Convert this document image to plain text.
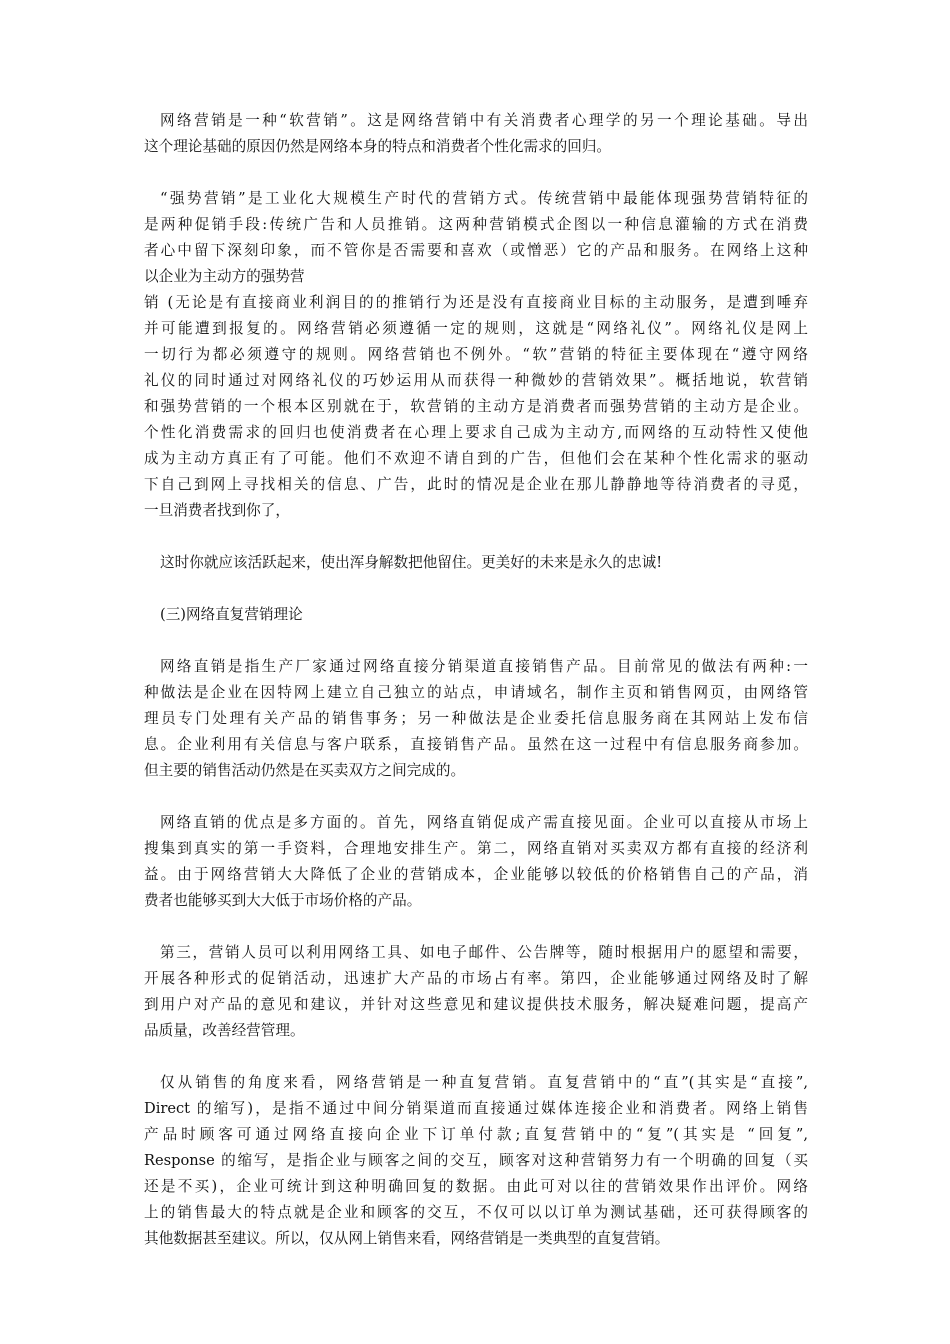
网络营销是一种“软营销”。这是网络营销中有关消费者心理学的另一个理论基础。导出
这个理论基础的原因仍然是网络本身的特点和消费者个性化需求的回归。
“强势营销”是工业化大规模生产时代的营销方式。传统营销中最能体现强势营销特征的
是两种促销手段:传统广告和人员推销。这两种营销模式企图以一种信息灌输的方式在消费
者心中留下深刻印象，而不管你是否需要和喜欢（或憎恶）它的产品和服务。在网络上这种
以企业为主动方的强势营
销 (无论是有直接商业利润目的的推销行为还是没有直接商业目标的主动服务，是遭到唾弃
并可能遭到报复的。网络营销必须遵循一定的规则，这就是“网络礼仪”。网络礼仪是网上
一切行为都必须遵守的规则。网络营销也不例外。“软”营销的特征主要体现在“遵守网络
礼仪的同时通过对网络礼仪的巧妙运用从而获得一种微妙的营销效果”。概括地说，软营销
和强势营销的一个根本区别就在于，软营销的主动方是消费者而强势营销的主动方是企业。
个性化消费需求的回归也使消费者在心理上要求自己成为主动方,而网络的互动特性又使他
成为主动方真正有了可能。他们不欢迎不请自到的广告，但他们会在某种个性化需求的驱动
下自己到网上寻找相关的信息、广告，此时的情况是企业在那儿静静地等待消费者的寻觅，
一旦消费者找到你了，
这时你就应该活跃起来，使出浑身解数把他留住。更美好的未来是永久的忠诚!
(三)网络直复营销理论
网络直销是指生产厂家通过网络直接分销渠道直接销售产品。目前常见的做法有两种:一
种做法是企业在因特网上建立自己独立的站点，申请域名，制作主页和销售网页，由网络管
理员专门处理有关产品的销售事务；另一种做法是企业委托信息服务商在其网站上发布信
息。企业利用有关信息与客户联系，直接销售产品。虽然在这一过程中有信息服务商参加。
但主要的销售活动仍然是在买卖双方之间完成的。
网络直销的优点是多方面的。首先，网络直销促成产需直接见面。企业可以直接从市场上
搜集到真实的第一手资料，合理地安排生产。第二，网络直销对买卖双方都有直接的经济利
益。由于网络营销大大降低了企业的营销成本，企业能够以较低的价格销售自己的产品，消
费者也能够买到大大低于市场价格的产品。
第三，营销人员可以利用网络工具、如电子邮件、公告牌等，随时根据用户的愿望和需要，
开展各种形式的促销活动，迅速扩大产品的市场占有率。第四，企业能够通过网络及时了解
到用户对产品的意见和建议，并针对这些意见和建议提供技术服务，解决疑难问题，提高产
品质量，改善经营管理。
仅从销售的角度来看，网络营销是一种直复营销。直复营销中的“直”(其实是“直接”,
Direct 的缩写)，是指不通过中间分销渠道而直接通过媒体连接企业和消费者。网络上销售
产品时顾客可通过网络直接向企业下订单付款;直复营销中的“复”(其实是 “回复”,
Response 的缩写，是指企业与顾客之间的交互，顾客对这种营销努力有一个明确的回复（买
还是不买)，企业可统计到这种明确回复的数据。由此可对以往的营销效果作出评价。网络
上的销售最大的特点就是企业和顾客的交互，不仅可以以订单为测试基础，还可获得顾客的
其他数据甚至建议。所以，仅从网上销售来看，网络营销是一类典型的直复营销。
